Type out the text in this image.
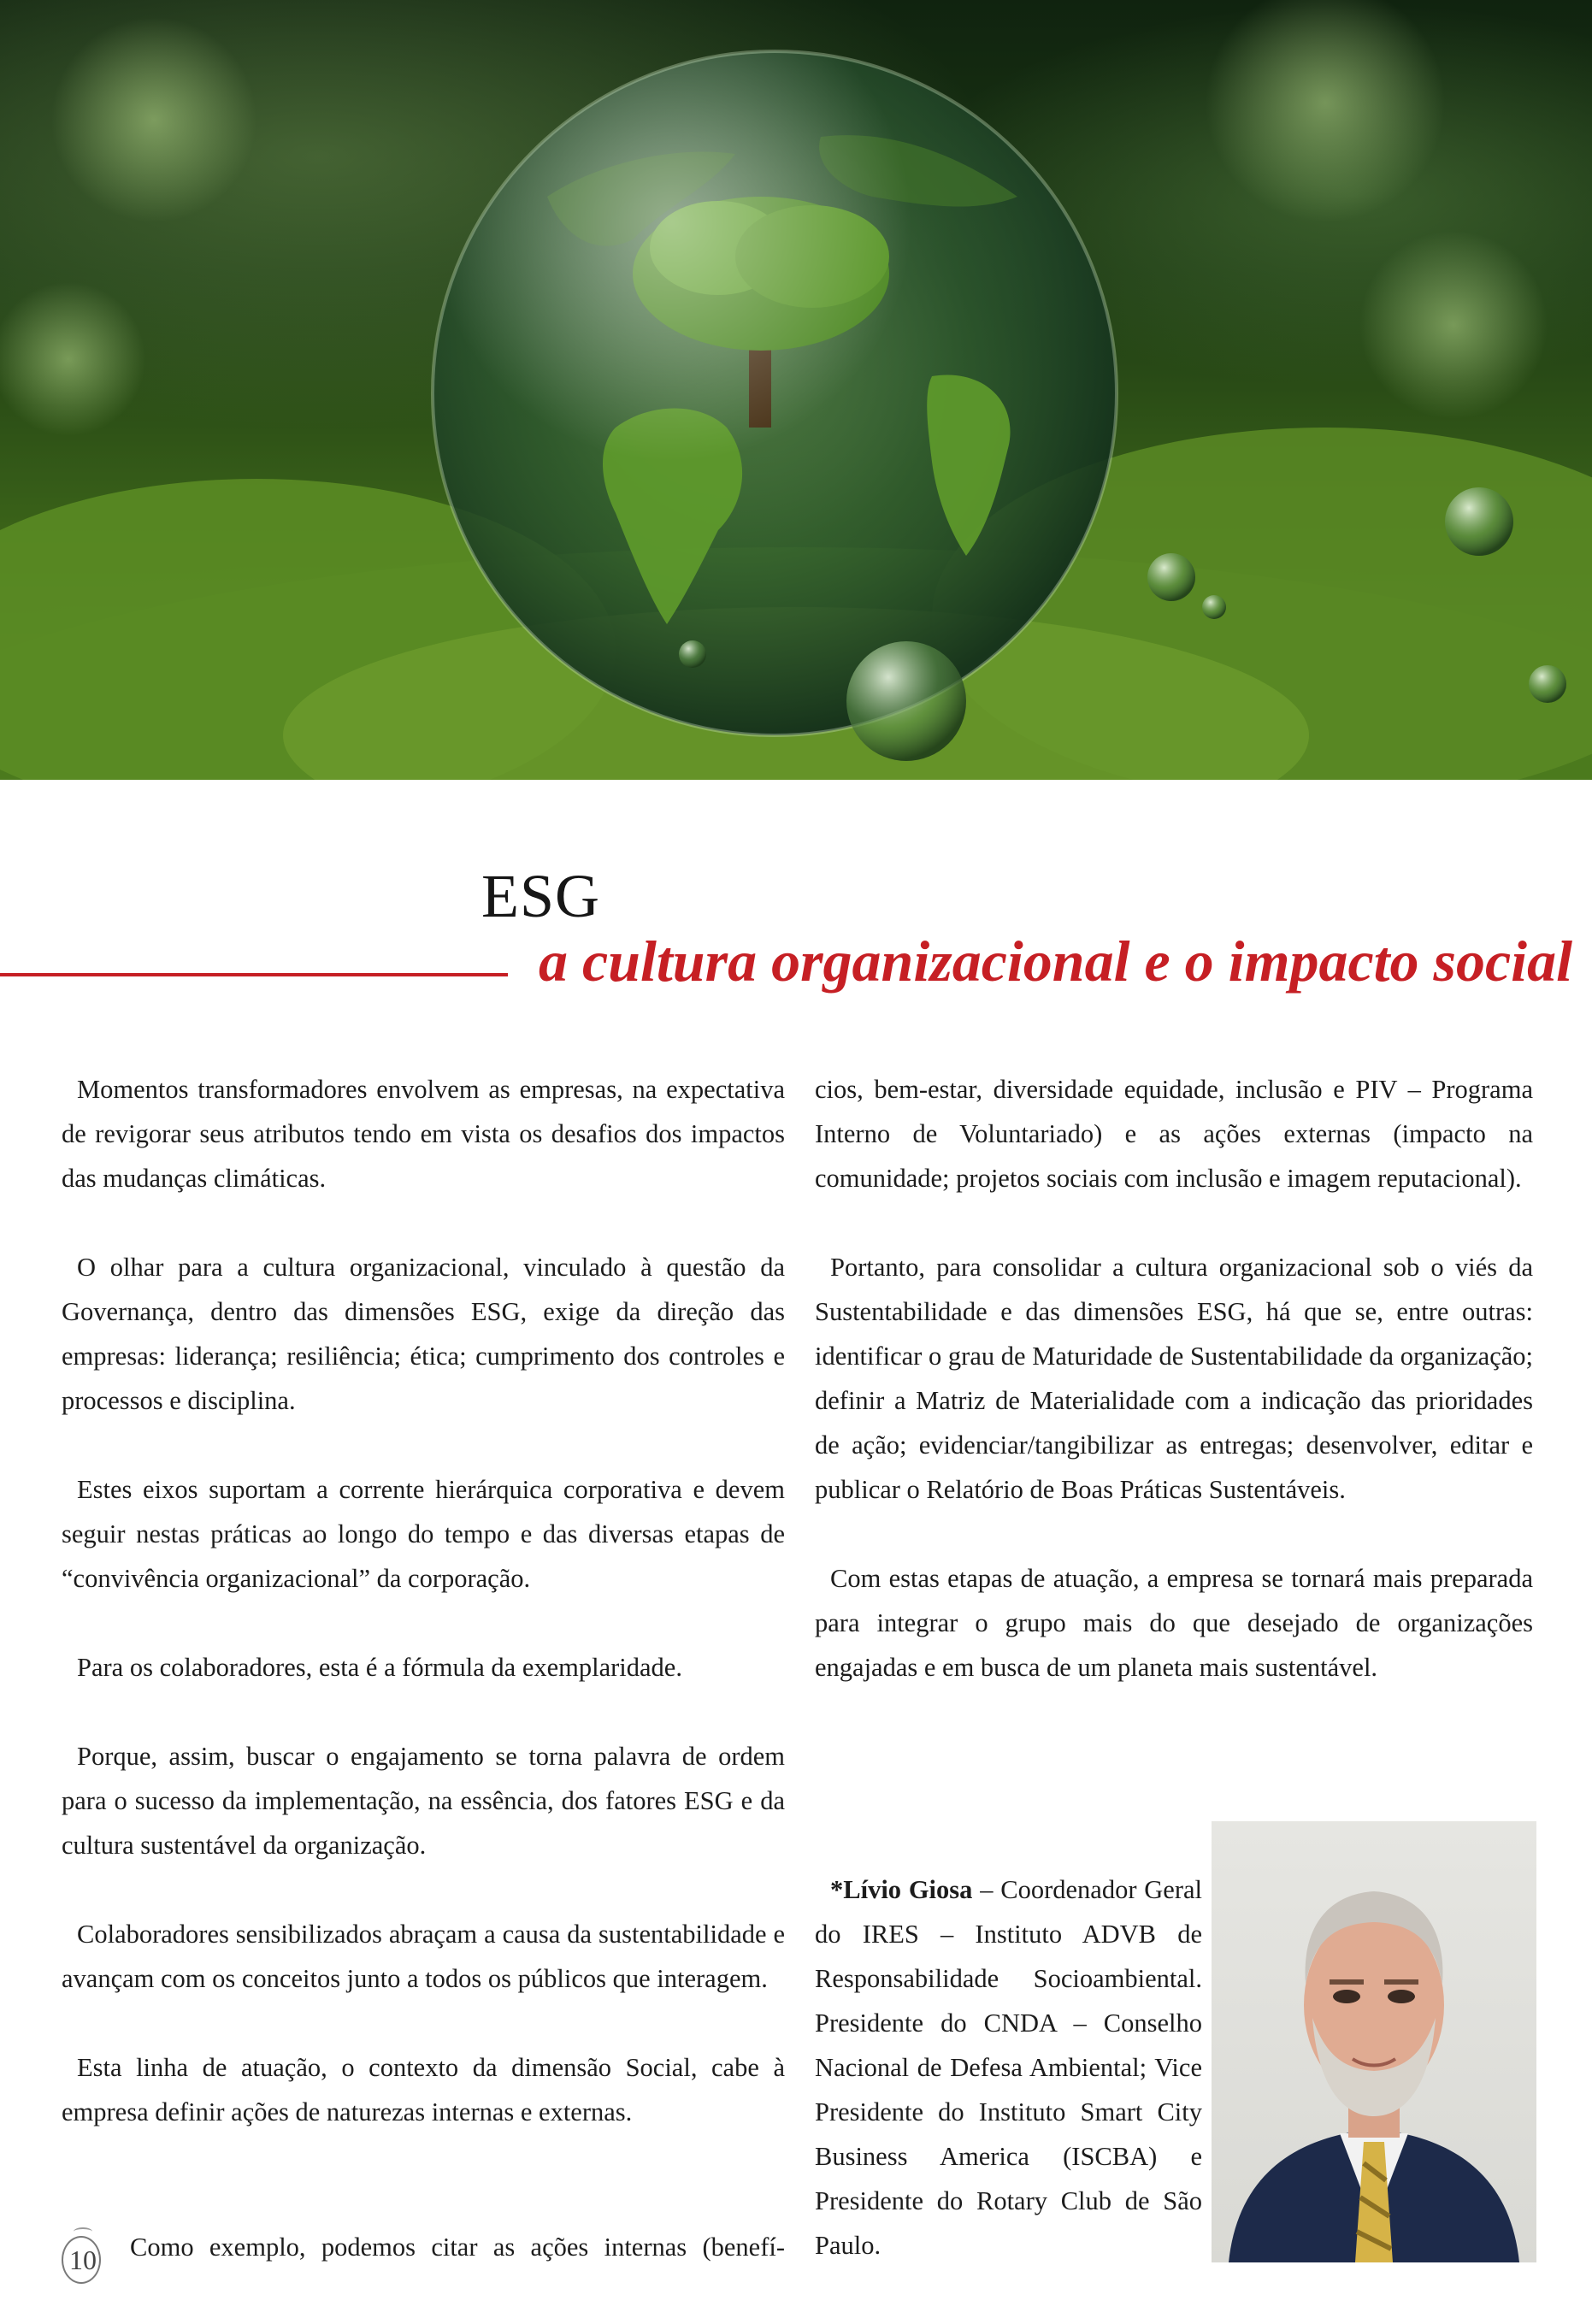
ESG
a cultura organizacional e o impacto social

Momentos transformadores envolvem as empresas, na expectativa de revigorar seus atributos tendo em vista os desafios dos impactos das mudanças climáticas.

O olhar para a cultura organizacional, vinculado à questão da Governança, dentro das dimensões ESG, exige da direção das empresas: liderança; resiliência; ética; cumprimento dos controles e processos e disciplina.

Estes eixos suportam a corrente hierárquica corporativa e devem seguir nestas práticas ao longo do tempo e das diversas etapas de “convivência organizacional” da corporação.

Para os colaboradores, esta é a fórmula da exemplaridade.

Porque, assim, buscar o engajamento se torna palavra de ordem para o sucesso da implementação, na essência, dos fatores ESG e da cultura sustentável da organização.

Colaboradores sensibilizados abraçam a causa da sustentabilidade e avançam com os conceitos junto a todos os públicos que interagem.

Esta linha de atuação, o contexto da dimensão Social, cabe à empresa definir ações de naturezas internas e externas.

10 Como exemplo, podemos citar as ações internas (benefí-

cios, bem-estar, diversidade equidade, inclusão e PIV – Programa Interno de Voluntariado) e as ações externas (impacto na comunidade; projetos sociais com inclusão e imagem reputacional).

Portanto, para consolidar a cultura organizacional sob o viés da Sustentabilidade e das dimensões ESG, há que se, entre outras: identificar o grau de Maturidade de Sustentabilidade da organização; definir a Matriz de Materialidade com a indicação das prioridades de ação; evidenciar/tangibilizar as entregas; desenvolver, editar e publicar o Relatório de Boas Práticas Sustentáveis.

Com estas etapas de atuação, a empresa se tornará mais preparada para integrar o grupo mais do que desejado de organizações engajadas e em busca de um planeta mais sustentável.

*Lívio Giosa – Coordenador Geral do IRES – Instituto ADVB de Responsabilidade Socioambiental. Presidente do CNDA – Conselho Nacional de Defesa Ambiental; Vice Presidente do Instituto Smart City Business America (ISCBA) e Presidente do Rotary Club de São Paulo.
